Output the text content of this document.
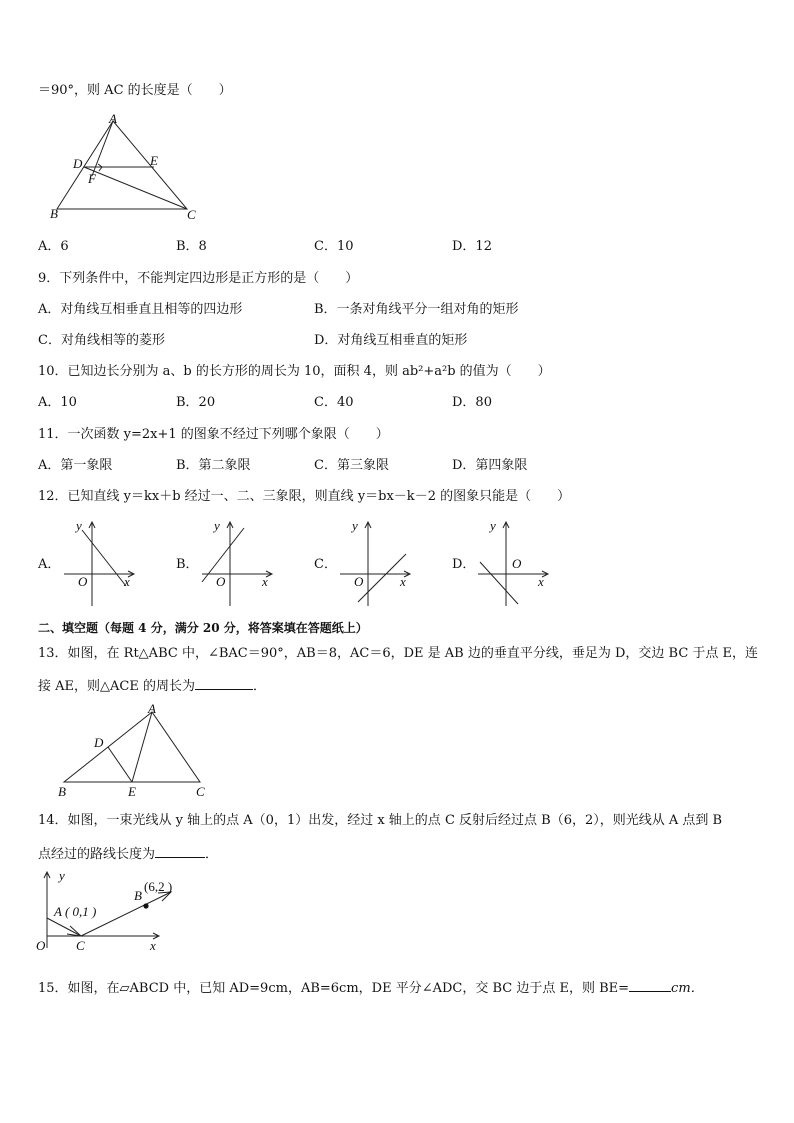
＝90°，则 AC 的长度是（　　）
A
D	E
F
B	C
A．6	B．8	C．10	D．12
9．下列条件中，不能判定四边形是正方形的是（　　）
A．对角线互相垂直且相等的四边形	B．一条对角线平分一组对角的矩形
C．对角线相等的菱形	D．对角线互相垂直的矩形
10．已知边长分别为 a、b 的长方形的周长为 10，面积 4，则 ab²+a²b 的值为（　　）
A．10	B．20	C．40	D．80
11．一次函数 y=2x+1 的图象不经过下列哪个象限（　　）
A．第一象限	B．第二象限	C．第三象限	D．第四象限
12．已知直线 y＝kx＋b 经过一、二、三象限，则直线 y＝bx－k－2 的图象只能是（　　）
A．
y
x
O
B．
y
x
O
C．
y
x
O
D．
y
x
O
二、填空题（每题 4 分，满分 20 分，将答案填在答题纸上）
13．如图，在 Rt△ABC 中，∠BAC＝90°，AB＝8，AC＝6，DE 是 AB 边的垂直平分线，垂足为 D，交边 BC 于点 E，连
接 AE，则△ACE 的周长为	．
A
D
B	E	C
14．如图，一束光线从 y 轴上的点 A（0，1）出发，经过 x 轴上的点 C 反射后经过点 B（6，2），则光线从 A 点到 B
点经过的路线长度为	．
y
x
O C
A ( 0,1 )
B
(6,2 )
15．如图，在▱ABCD 中，已知 AD=9cm，AB=6cm，DE 平分∠ADC，交 BC 边于点 E，则 BE=	cm．
